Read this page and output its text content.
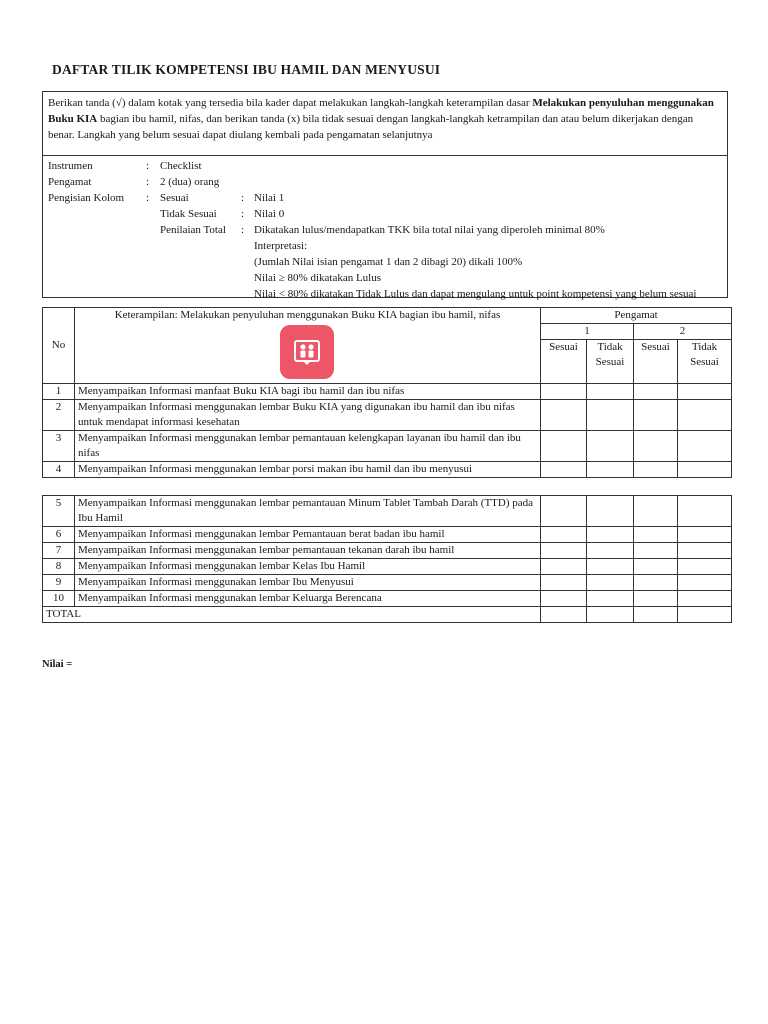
DAFTAR TILIK KOMPETENSI IBU HAMIL DAN MENYUSUI
Berikan tanda (√) dalam kotak yang tersedia bila kader dapat melakukan langkah-langkah keterampilan dasar Melakukan penyuluhan menggunakan Buku KIA bagian ibu hamil, nifas, dan berikan tanda (x) bila tidak sesuai dengan langkah-langkah ketrampilan dan atau belum dikerjakan dengan benar. Langkah yang belum sesuai dapat diulang kembali pada pengamatan selanjutnya
Instrumen	: Checklist
Pengamat	: 2 (dua) orang
Pengisian Kolom : Sesuai	: Nilai 1
Tidak Sesuai : Nilai 0
Penilaian Total : Dikatakan lulus/mendapatkan TKK bila total nilai yang diperoleh minimal 80%
Interpretasi:
(Jumlah Nilai isian pengamat 1 dan 2 dibagi 20) dikali 100%
Nilai ≥ 80% dikatakan Lulus
Nilai < 80% dikatakan Tidak Lulus dan dapat mengulang untuk point kompetensi yang belum sesuai
No	Keterampilan: Melakukan penyuluhan menggunakan Buku KIA bagian ibu hamil, nifas	Pengamat			
		1		2	
		Sesuai	Tidak Sesuai	Sesuai	Tidak Sesuai
1	Menyampaikan Informasi manfaat Buku KIA bagi ibu hamil dan ibu nifas				
2	Menyampaikan Informasi menggunakan lembar Buku KIA yang digunakan ibu hamil dan ibu nifas untuk mendapat informasi kesehatan				
3	Menyampaikan Informasi menggunakan lembar pemantauan kelengkapan layanan ibu hamil dan ibu nifas				
4	Menyampaikan Informasi menggunakan lembar porsi makan ibu hamil dan ibu menyusui				
5	Menyampaikan Informasi menggunakan lembar pemantauan Minum Tablet Tambah Darah (TTD) pada Ibu Hamil				
6	Menyampaikan Informasi menggunakan lembar Pemantauan berat badan ibu hamil				
7	Menyampaikan Informasi menggunakan lembar pemantauan tekanan darah ibu hamil				
8	Menyampaikan Informasi menggunakan lembar Kelas Ibu Hamil				
9	Menyampaikan Informasi menggunakan lembar Ibu Menyusui				
10	Menyampaikan Informasi menggunakan lembar Keluarga Berencana				
TOTAL					
Nilai =
